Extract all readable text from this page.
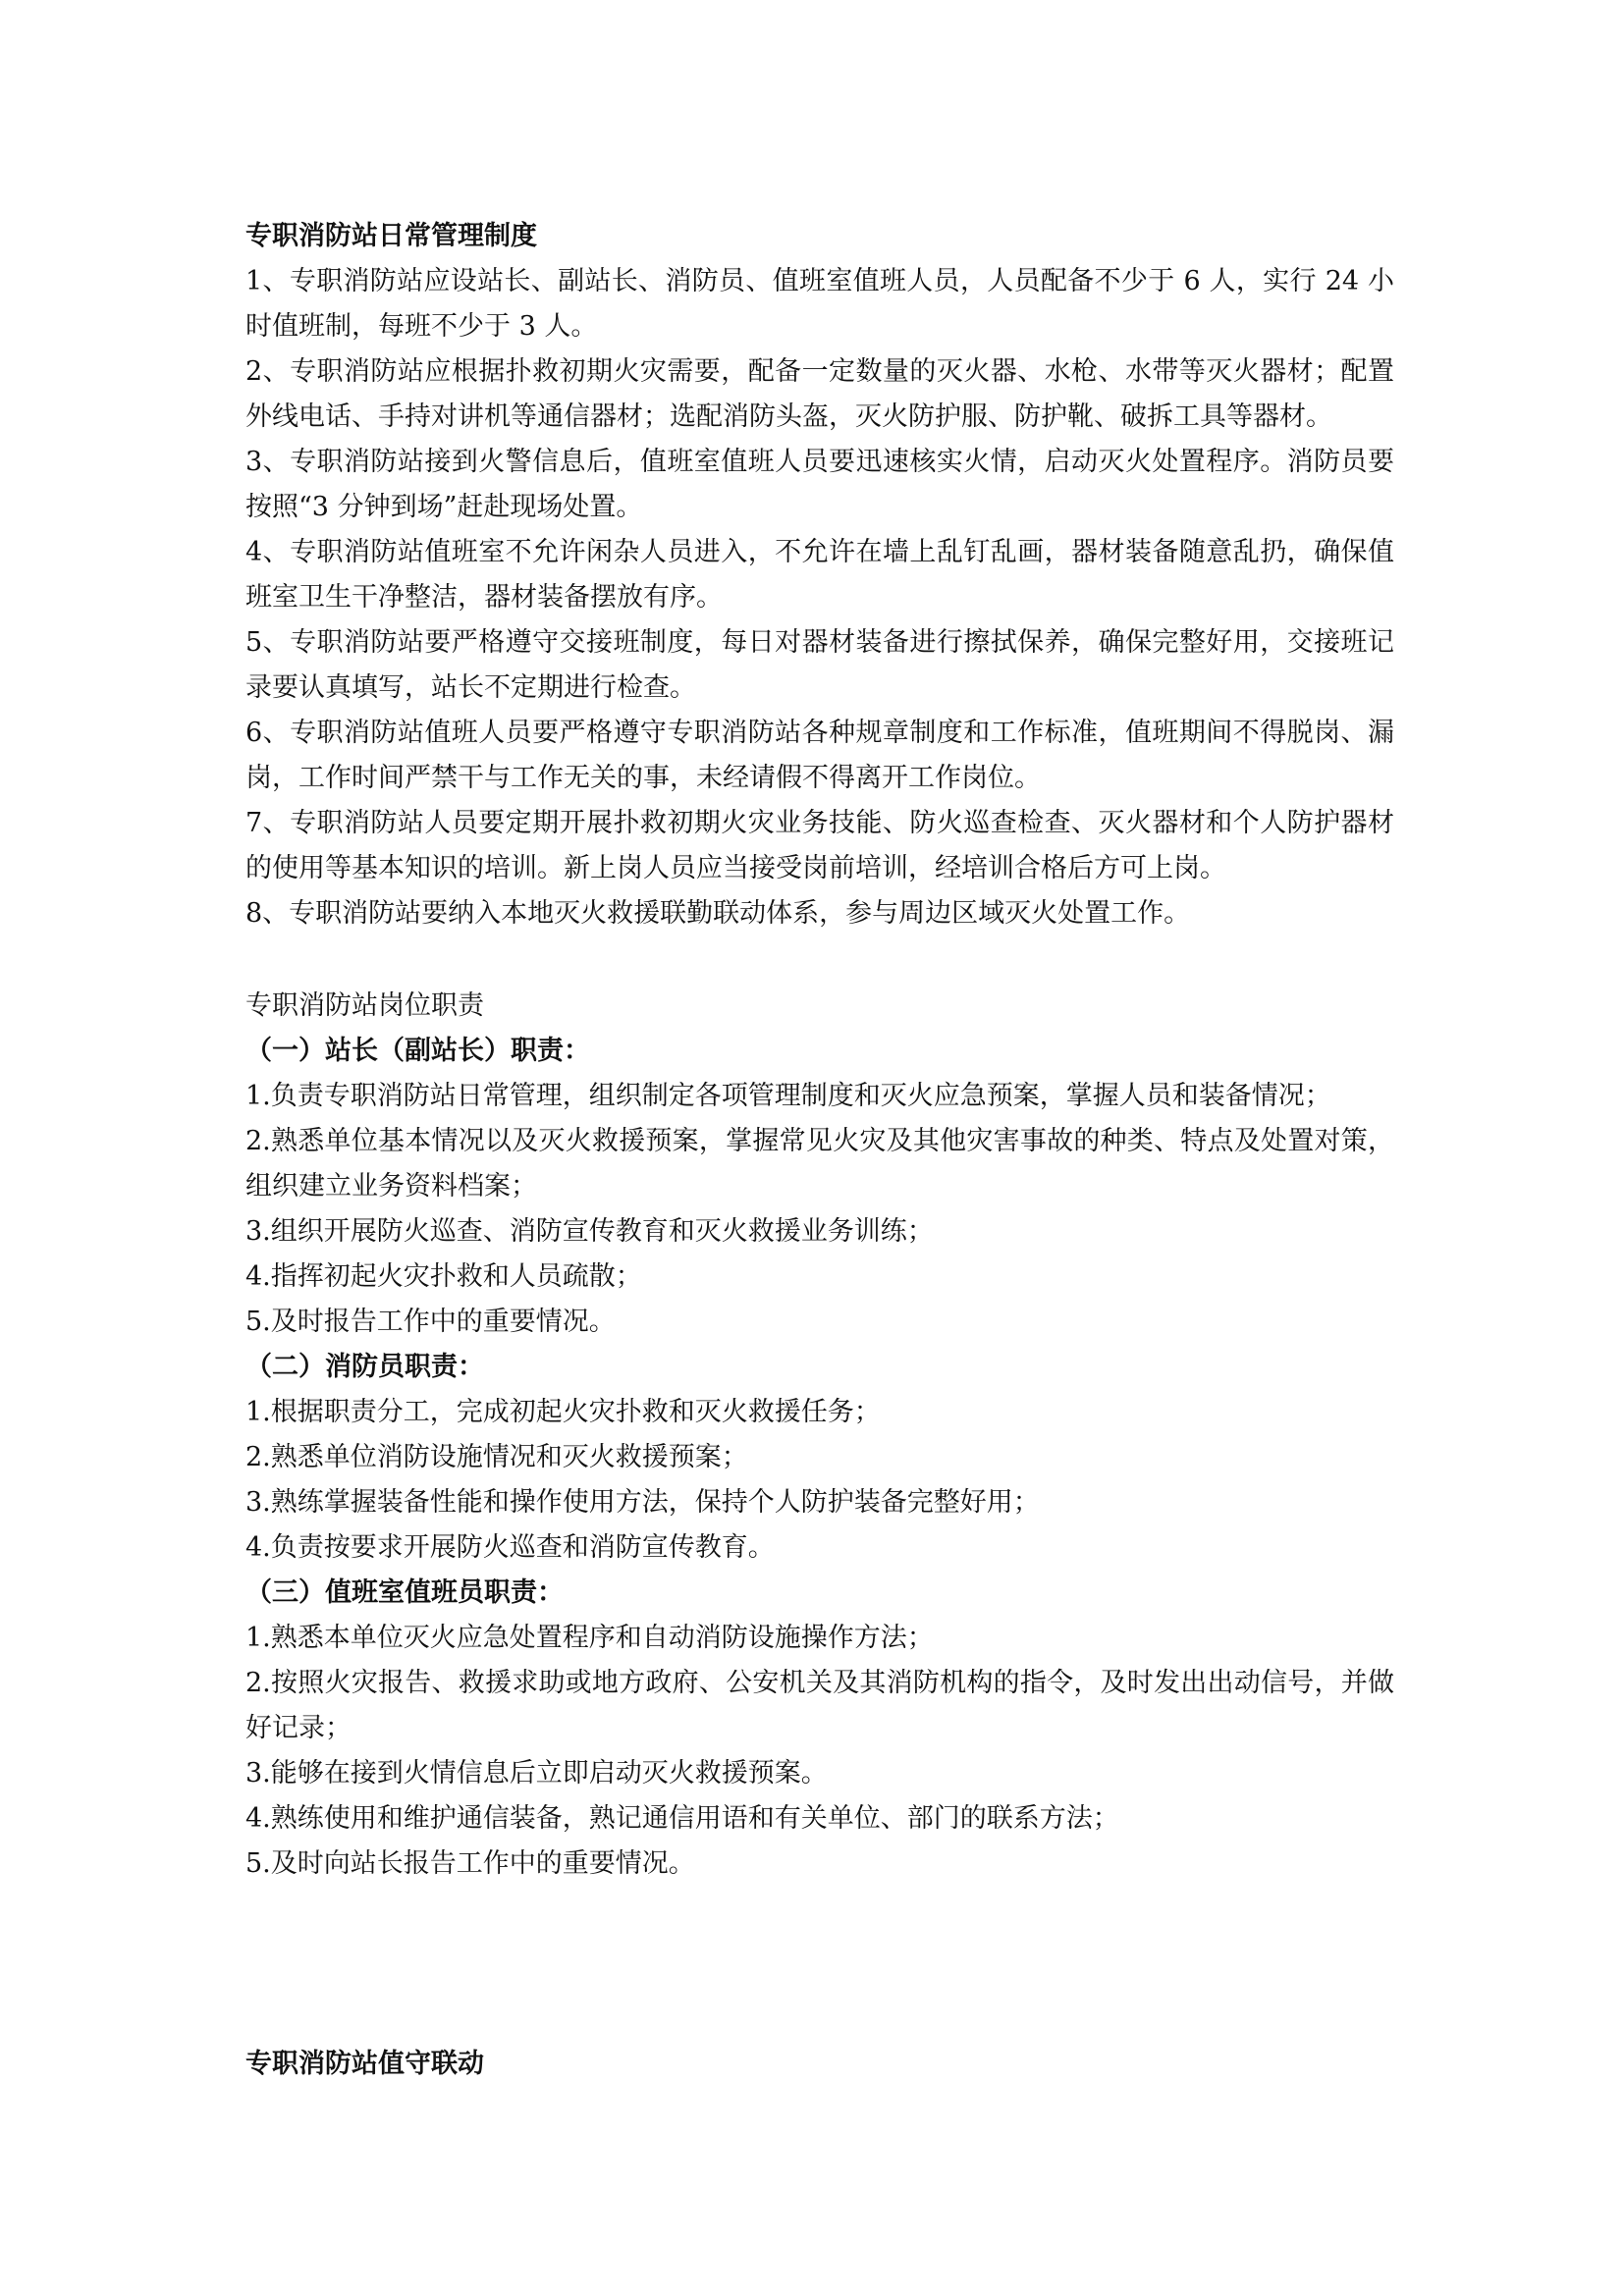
专职消防站日常管理制度

1、专职消防站应设站长、副站长、消防员、值班室值班人员，人员配备不少于 6 人，实行 24 小时值班制，每班不少于 3 人。

2、专职消防站应根据扑救初期火灾需要，配备一定数量的灭火器、水枪、水带等灭火器材；配置外线电话、手持对讲机等通信器材；选配消防头盔，灭火防护服、防护靴、破拆工具等器材。

3、专职消防站接到火警信息后，值班室值班人员要迅速核实火情，启动灭火处置程序。消防员要按照“3 分钟到场”赶赴现场处置。

4、专职消防站值班室不允许闲杂人员进入，不允许在墙上乱钉乱画，器材装备随意乱扔，确保值班室卫生干净整洁，器材装备摆放有序。

5、专职消防站要严格遵守交接班制度，每日对器材装备进行擦拭保养，确保完整好用，交接班记录要认真填写，站长不定期进行检查。

6、专职消防站值班人员要严格遵守专职消防站各种规章制度和工作标准，值班期间不得脱岗、漏岗，工作时间严禁干与工作无关的事，未经请假不得离开工作岗位。

7、专职消防站人员要定期开展扑救初期火灾业务技能、防火巡查检查、灭火器材和个人防护器材的使用等基本知识的培训。新上岗人员应当接受岗前培训，经培训合格后方可上岗。

8、专职消防站要纳入本地灭火救援联勤联动体系，参与周边区域灭火处置工作。

专职消防站岗位职责

（一）站长（副站长）职责：

1.负责专职消防站日常管理，组织制定各项管理制度和灭火应急预案，掌握人员和装备情况；

2.熟悉单位基本情况以及灭火救援预案，掌握常见火灾及其他灾害事故的种类、特点及处置对策，组织建立业务资料档案；

3.组织开展防火巡查、消防宣传教育和灭火救援业务训练；

4.指挥初起火灾扑救和人员疏散；

5.及时报告工作中的重要情况。

（二）消防员职责：

1.根据职责分工，完成初起火灾扑救和灭火救援任务；

2.熟悉单位消防设施情况和灭火救援预案；

3.熟练掌握装备性能和操作使用方法，保持个人防护装备完整好用；

4.负责按要求开展防火巡查和消防宣传教育。

（三）值班室值班员职责：

1.熟悉本单位灭火应急处置程序和自动消防设施操作方法；

2.按照火灾报告、救援求助或地方政府、公安机关及其消防机构的指令，及时发出出动信号，并做好记录；

3.能够在接到火情信息后立即启动灭火救援预案。

4.熟练使用和维护通信装备，熟记通信用语和有关单位、部门的联系方法；

5.及时向站长报告工作中的重要情况。

专职消防站值守联动
